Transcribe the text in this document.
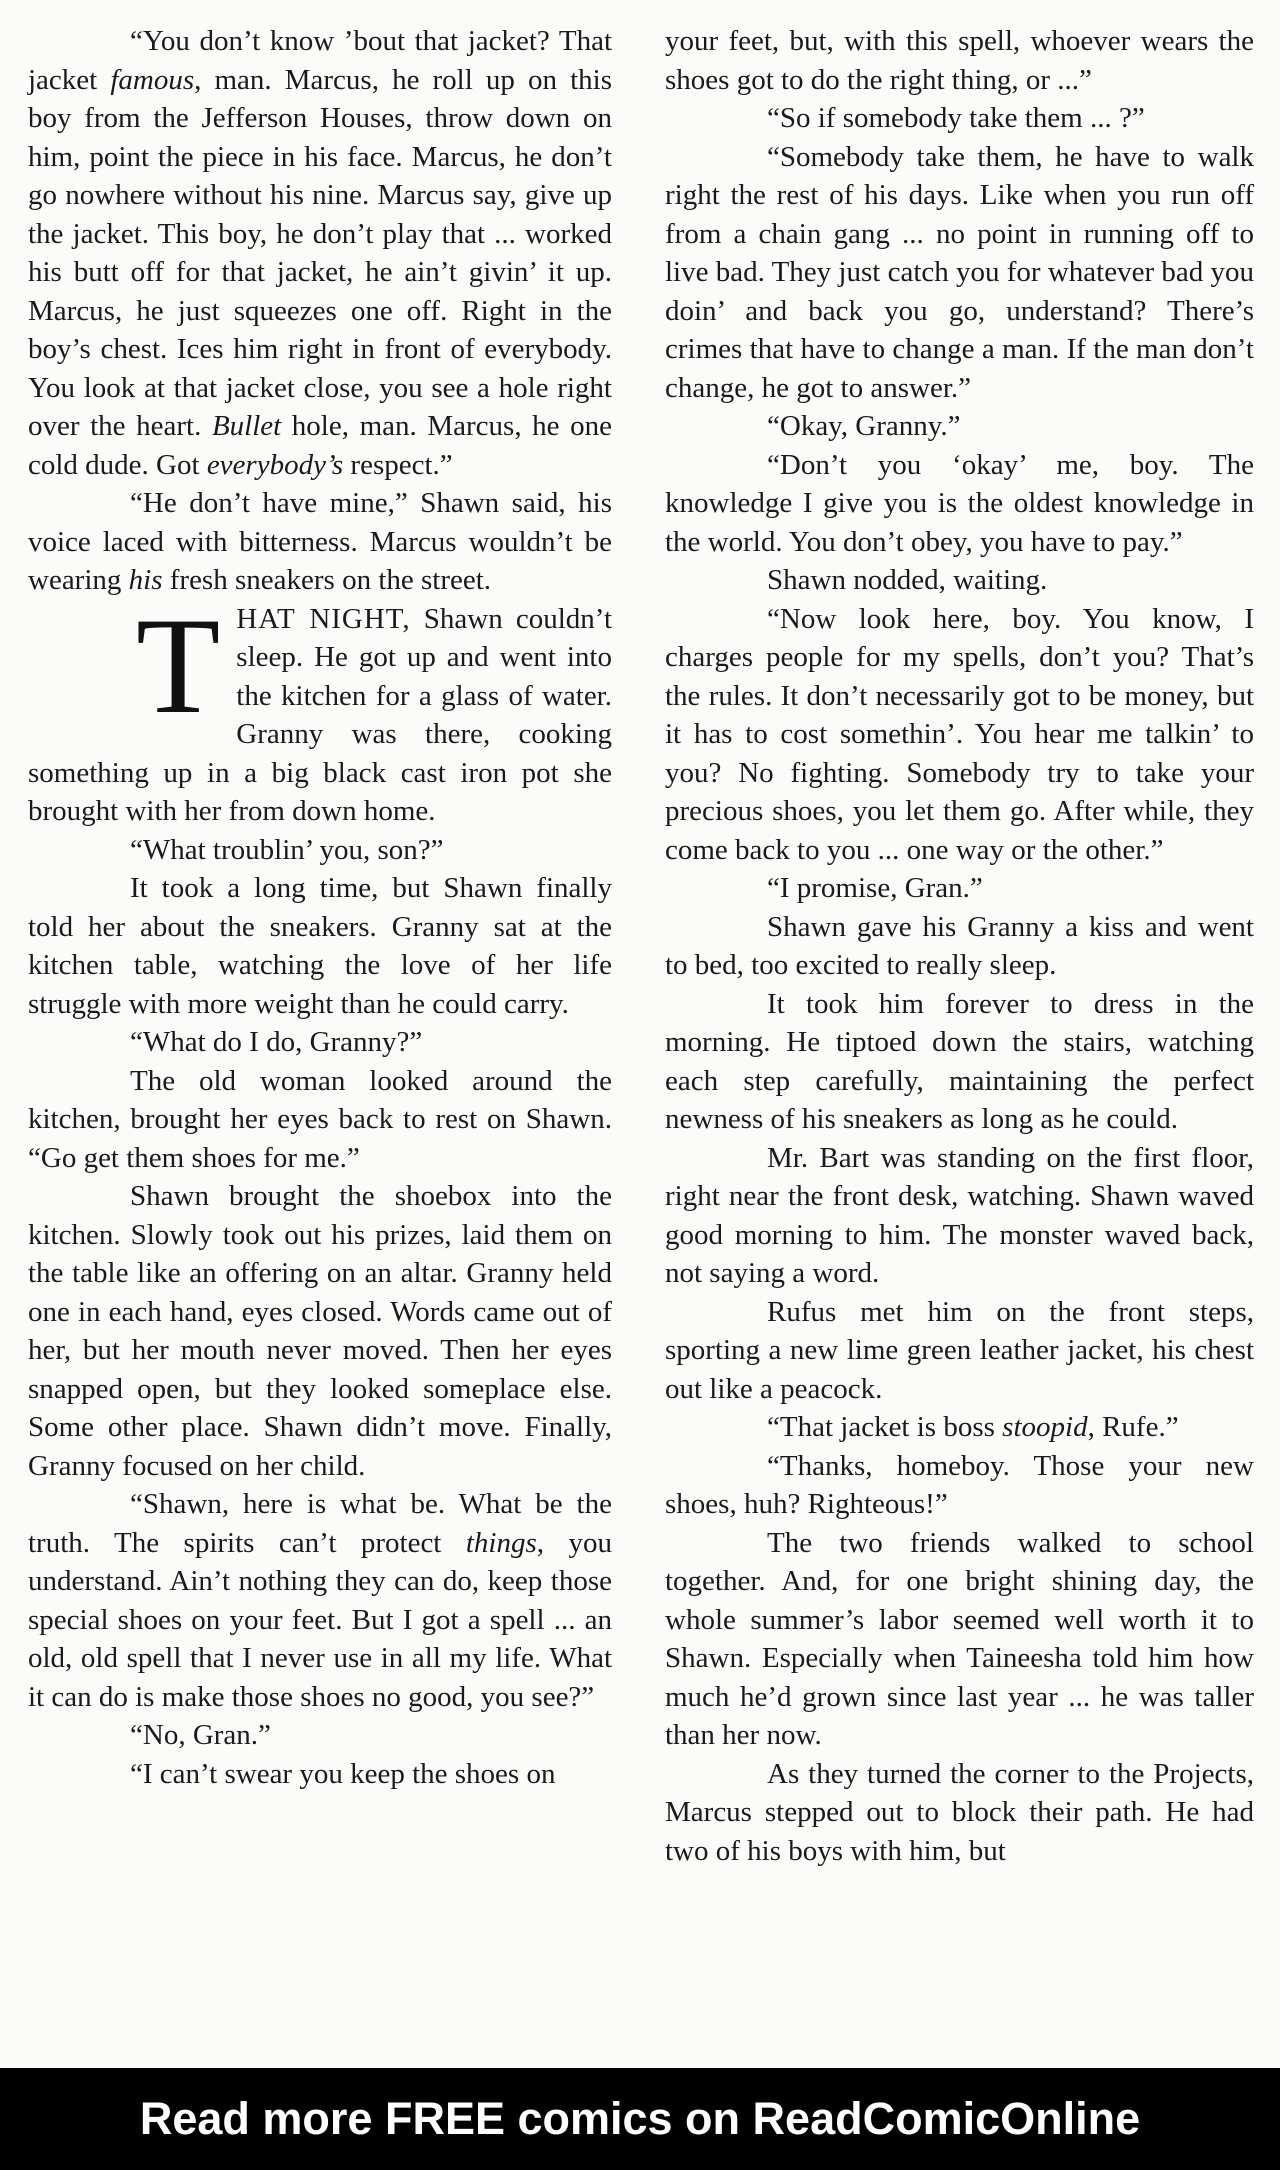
“You don’t know ’bout that jacket? That jacket famous, man. Marcus, he roll up on this boy from the Jefferson Houses, throw down on him, point the piece in his face. Marcus, he don’t go nowhere without his nine. Marcus say, give up the jacket. This boy, he don’t play that ... worked his butt off for that jacket, he ain’t givin’ it up. Marcus, he just squeezes one off. Right in the boy’s chest. Ices him right in front of everybody. You look at that jacket close, you see a hole right over the heart. Bullet hole, man. Marcus, he one cold dude. Got everybody’s respect.”

“He don’t have mine,” Shawn said, his voice laced with bitterness. Marcus wouldn’t be wearing his fresh sneakers on the street.

THAT NIGHT, Shawn couldn’t sleep. He got up and went into the kitchen for a glass of water. Granny was there, cooking something up in a big black cast iron pot she brought with her from down home.

“What troublin’ you, son?”

It took a long time, but Shawn finally told her about the sneakers. Granny sat at the kitchen table, watching the love of her life struggle with more weight than he could carry.

“What do I do, Granny?”

The old woman looked around the kitchen, brought her eyes back to rest on Shawn. “Go get them shoes for me.”

Shawn brought the shoebox into the kitchen. Slowly took out his prizes, laid them on the table like an offering on an altar. Granny held one in each hand, eyes closed. Words came out of her, but her mouth never moved. Then her eyes snapped open, but they looked someplace else. Some other place. Shawn didn’t move. Finally, Granny focused on her child.

“Shawn, here is what be. What be the truth. The spirits can’t protect things, you understand. Ain’t nothing they can do, keep those special shoes on your feet. But I got a spell ... an old, old spell that I never use in all my life. What it can do is make those shoes no good, you see?”

“No, Gran.”

“I can’t swear you keep the shoes on

your feet, but, with this spell, whoever wears the shoes got to do the right thing, or ...”

“So if somebody take them ... ?”

“Somebody take them, he have to walk right the rest of his days. Like when you run off from a chain gang ... no point in running off to live bad. They just catch you for whatever bad you doin’ and back you go, understand? There’s crimes that have to change a man. If the man don’t change, he got to answer.”

“Okay, Granny.”

“Don’t you ‘okay’ me, boy. The knowledge I give you is the oldest knowledge in the world. You don’t obey, you have to pay.”

Shawn nodded, waiting.

“Now look here, boy. You know, I charges people for my spells, don’t you? That’s the rules. It don’t necessarily got to be money, but it has to cost somethin’. You hear me talkin’ to you? No fighting. Somebody try to take your precious shoes, you let them go. After while, they come back to you ... one way or the other.”

“I promise, Gran.”

Shawn gave his Granny a kiss and went to bed, too excited to really sleep.

It took him forever to dress in the morning. He tiptoed down the stairs, watching each step carefully, maintaining the perfect newness of his sneakers as long as he could.

Mr. Bart was standing on the first floor, right near the front desk, watching. Shawn waved good morning to him. The monster waved back, not saying a word.

Rufus met him on the front steps, sporting a new lime green leather jacket, his chest out like a peacock.

“That jacket is boss stoopid, Rufe.”

“Thanks, homeboy. Those your new shoes, huh? Righteous!”

The two friends walked to school together. And, for one bright shining day, the whole summer’s labor seemed well worth it to Shawn. Especially when Taineesha told him how much he’d grown since last year ... he was taller than her now.

As they turned the corner to the Projects, Marcus stepped out to block their path. He had two of his boys with him, but

Read more FREE comics on ReadComicOnline
